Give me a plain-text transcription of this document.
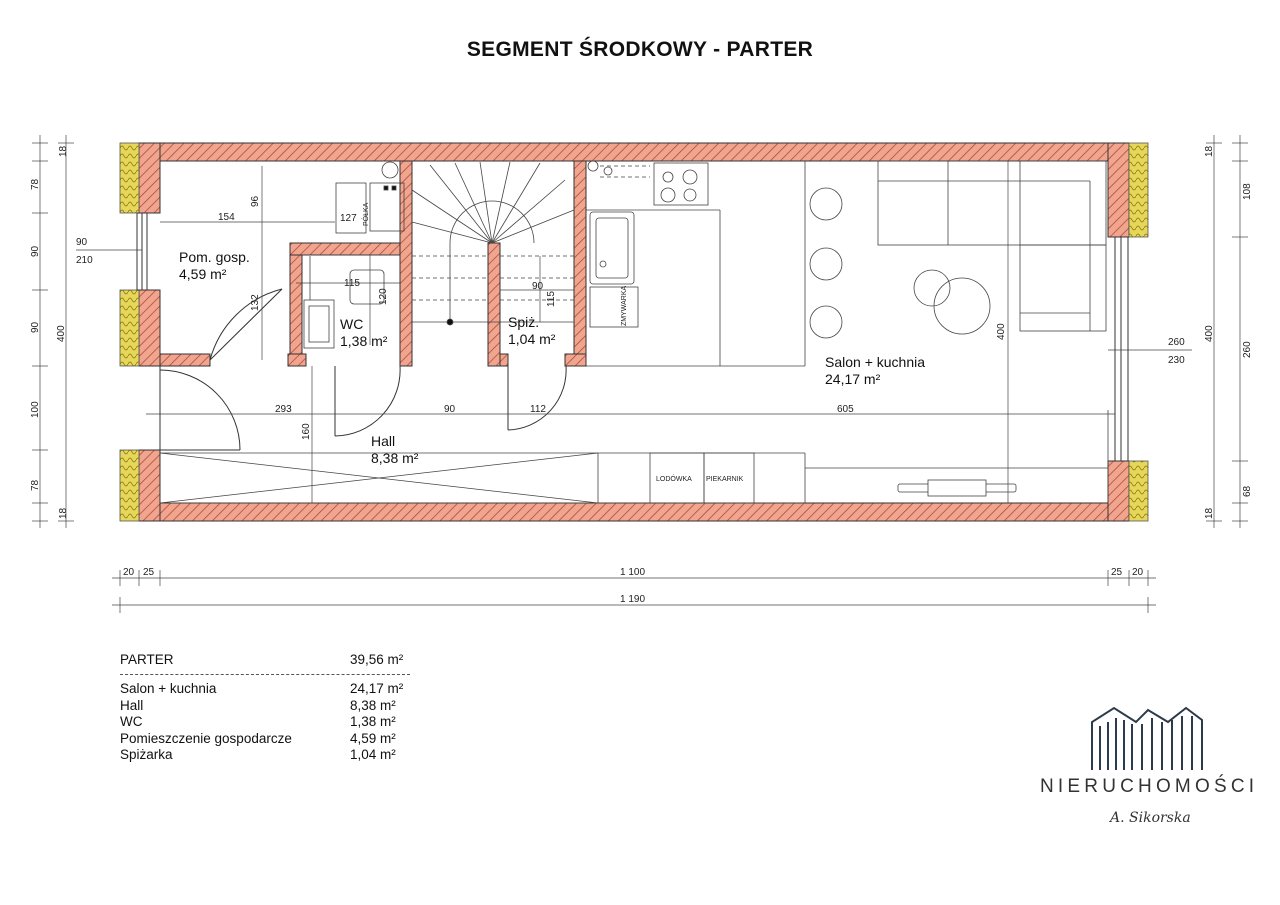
SEGMENT ŚRODKOWY - PARTER
PÓŁKA
ZMYWARKA
LODÓWKA PIEKARNIK
Pom. gosp.
4,59 m²
WC
1,38 m²
Spiż.
1,04 m²
Salon + kuchnia
24,17 m²
Hall
8,38 m²
154
96
127
115
120
132
90
115
293	90	112	605
160
400
18
78
90
90
100
78
18
400
90
210
18
108
260
68
18
400
260
230
20 25	1 100	25 20
1 190
PARTER	39,56 m²
Salon + kuchnia	24,17 m²
Hall	8,38 m²
WC	1,38 m²
Pomieszczenie gospodarcze	4,59 m²
Spiżarka	1,04 m²
NIERUCHOMOŚCI
A. Sikorska
